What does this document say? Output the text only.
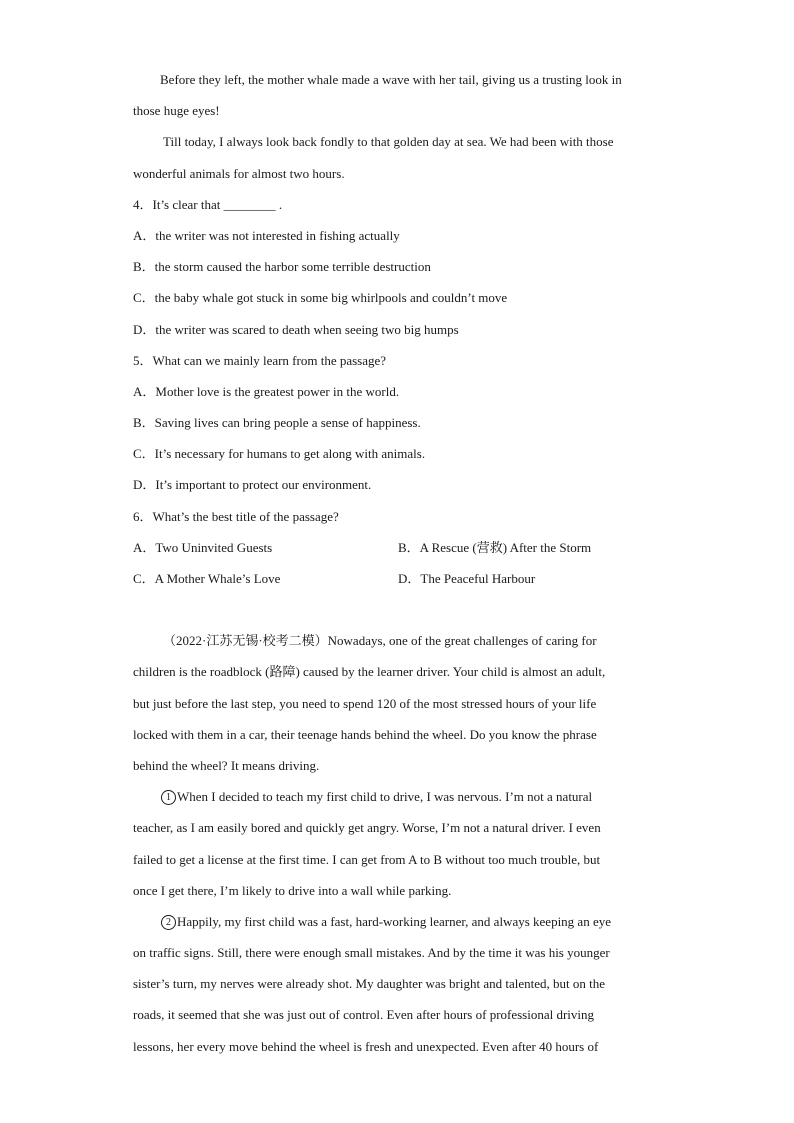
Before they left, the mother whale made a wave with her tail, giving us a trusting look in
those huge eyes!
Till today, I always look back fondly to that golden day at sea. We had been with those
wonderful animals for almost two hours.
4．It’s clear that ________ .
A．the writer was not interested in fishing actually
B．the storm caused the harbor some terrible destruction
C．the baby whale got stuck in some big whirlpools and couldn’t move
D．the writer was scared to death when seeing two big humps
5．What can we mainly learn from the passage?
A．Mother love is the greatest power in the world.
B．Saving lives can bring people a sense of happiness.
C．It’s necessary for humans to get along with animals.
D．It’s important to protect our environment.
6．What’s the best title of the passage?
A．Two Uninvited Guests	B．A Rescue (营救) After the Storm
C．A Mother Whale’s Love	D．The Peaceful Harbour
（2022·江苏无锡·校考二模）Nowadays, one of the great challenges of caring for
children is the roadblock (路障) caused by the learner driver. Your child is almost an adult,
but just before the last step, you need to spend 120 of the most stressed hours of your life
locked with them in a car, their teenage hands behind the wheel. Do you know the phrase
behind the wheel? It means driving.
1 When I decided to teach my first child to drive, I was nervous. I’m not a natural
teacher, as I am easily bored and quickly get angry. Worse, I’m not a natural driver. I even
failed to get a license at the first time. I can get from A to B without too much trouble, but
once I get there, I’m likely to drive into a wall while parking.
2 Happily, my first child was a fast, hard-working learner, and always keeping an eye
on traffic signs. Still, there were enough small mistakes. And by the time it was his younger
sister’s turn, my nerves were already shot. My daughter was bright and talented, but on the
roads, it seemed that she was just out of control. Even after hours of professional driving
lessons, her every move behind the wheel is fresh and unexpected. Even after 40 hours of
